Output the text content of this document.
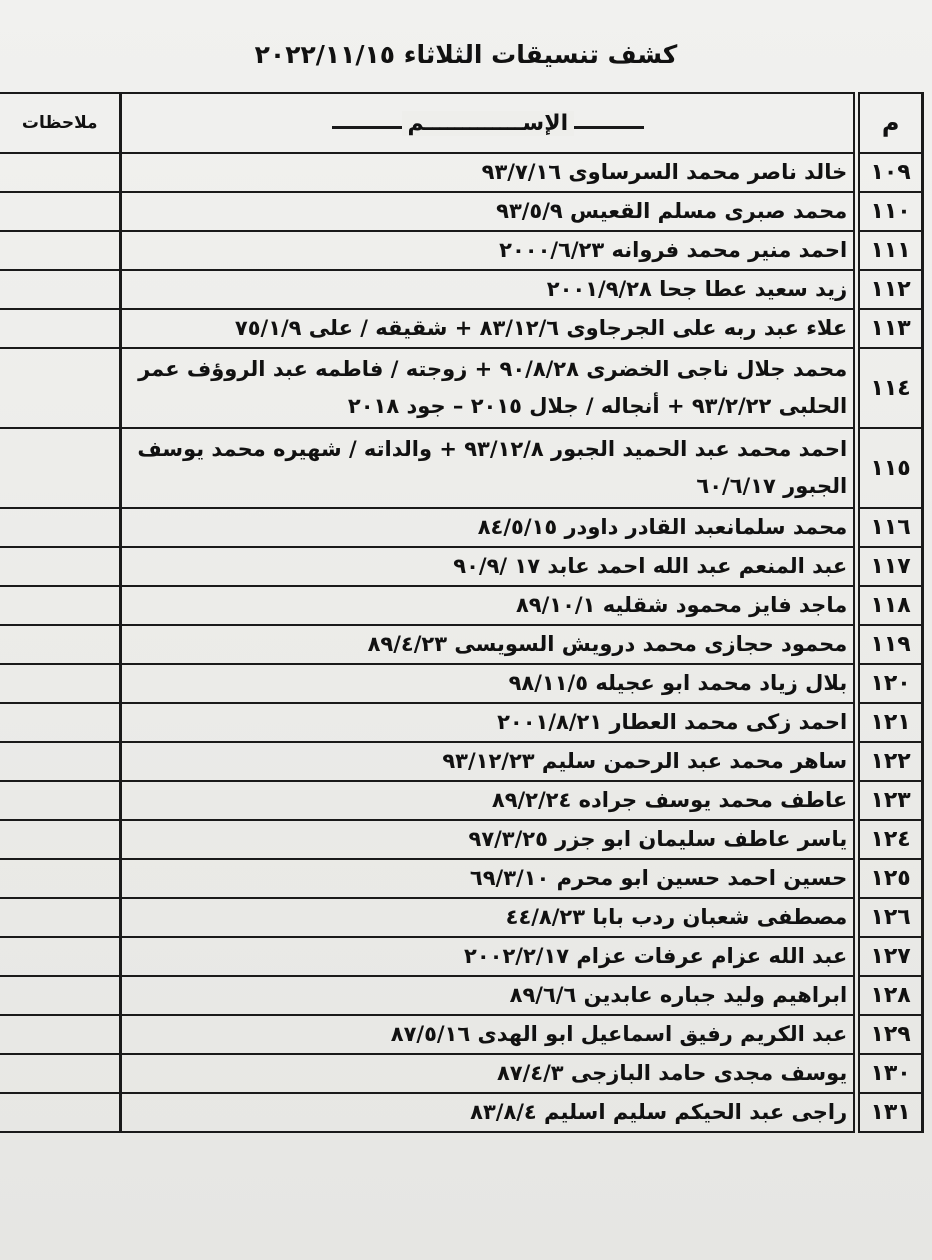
كشف تنسيقات الثلاثاء ٢٠٢٢/١١/١٥
م	الإســـــــــــــم	ملاحظات
١٠٩	خالد ناصر محمد السرساوى ٩٣/٧/١٦	
١١٠	محمد صبرى مسلم القعيس ٩٣/٥/٩	
١١١	احمد منير محمد فروانه ٢٠٠٠/٦/٢٣	
١١٢	زيد سعيد عطا جحا ٢٠٠١/٩/٢٨	
١١٣	علاء عبد ربه على الجرجاوى ٨٣/١٢/٦ + شقيقه / على ٧٥/١/٩	
١١٤	محمد جلال ناجى الخضرى ٩٠/٨/٢٨ + زوجته / فاطمه عبد الروؤف عمر الحلبى ٩٣/٢/٢٢ + أنجاله / جلال ٢٠١٥ – جود ٢٠١٨	
١١٥	احمد محمد عبد الحميد الجبور ٩٣/١٢/٨ + والداته / شهيره محمد يوسف الجبور ٦٠/٦/١٧	
١١٦	محمد سلمانعبد القادر داودر ٨٤/٥/١٥	
١١٧	عبد المنعم عبد الله احمد عابد ١٧ /٩٠/٩	
١١٨	ماجد فايز محمود شقليه ٨٩/١٠/١	
١١٩	محمود حجازى محمد درويش السويسى ٨٩/٤/٢٣	
١٢٠	بلال زياد محمد ابو عجيله ٩٨/١١/٥	
١٢١	احمد زكى محمد العطار ٢٠٠١/٨/٢١	
١٢٢	ساهر محمد عبد الرحمن سليم ٩٣/١٢/٢٣	
١٢٣	عاطف محمد يوسف جراده ٨٩/٢/٢٤	
١٢٤	ياسر عاطف سليمان ابو جزر ٩٧/٣/٢٥	
١٢٥	حسين احمد حسين ابو محرم ٦٩/٣/١٠	
١٢٦	مصطفى شعبان ردب بابا ٤٤/٨/٢٣	
١٢٧	عبد الله عزام عرفات عزام ٢٠٠٢/٢/١٧	
١٢٨	ابراهيم وليد جباره عابدين ٨٩/٦/٦	
١٢٩	عبد الكريم رفيق اسماعيل ابو الهدى ٨٧/٥/١٦	
١٣٠	يوسف مجدى حامد البازجى ٨٧/٤/٣	
١٣١	راجى عبد الحيكم سليم اسليم ٨٣/٨/٤	
